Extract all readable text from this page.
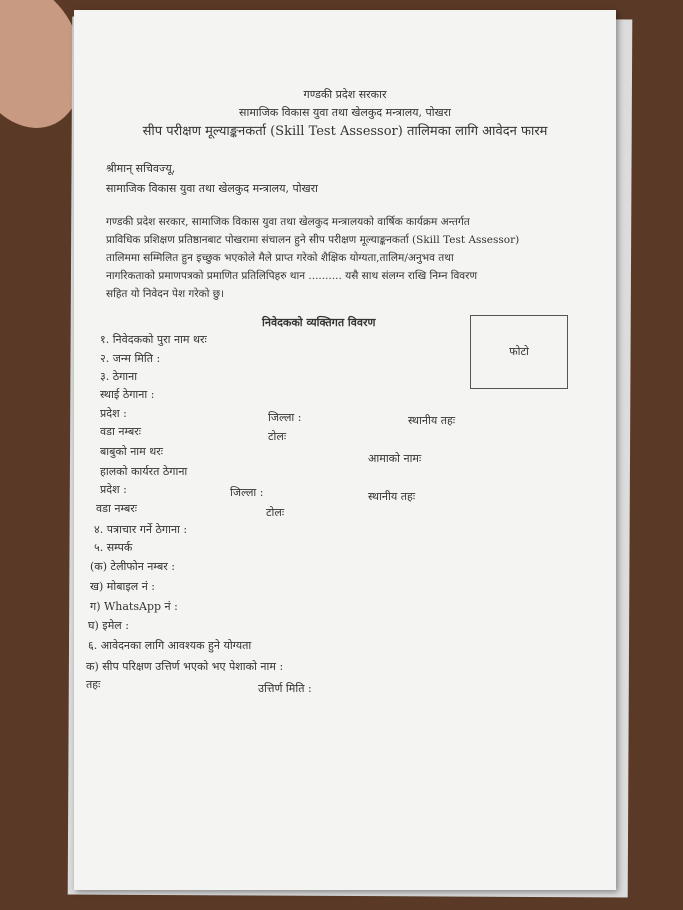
गण्डकी प्रदेश सरकार
सामाजिक विकास युवा तथा खेलकुद मन्त्रालय, पोखरा
सीप परीक्षण मूल्याङ्कनकर्ता (Skill Test Assessor) तालिमका लागि आवेदन फारम
श्रीमान् सचिवज्यू,
सामाजिक विकास युवा तथा खेलकुद मन्त्रालय, पोखरा
गण्डकी प्रदेश सरकार, सामाजिक विकास युवा तथा खेलकुद मन्त्रालयको वार्षिक कार्यक्रम अन्तर्गत
प्राविधिक प्रशिक्षण प्रतिष्ठानबाट पोखरामा संचालन हुने सीप परीक्षण मूल्याङ्कनकर्ता (Skill Test Assessor)
तालिममा सम्मिलित हुन इच्छुक भएकोले मैले प्राप्त गरेको शैक्षिक योग्यता,तालिम/अनुभव तथा
नागरिकताको प्रमाणपत्रको प्रमाणित प्रतिलिपिहरु थान .......... यसै साथ संलग्न राखि निम्न विवरण
सहित यो निवेदन पेश गरेको छु।
निवेदकको व्यक्तिगत विवरण
फोटो
१. निवेदकको पुरा नाम थरः
२. जन्म मिति :
३. ठेगाना
स्थाई ठेगाना :
प्रदेश :	जिल्ला :	स्थानीय तहः
वडा नम्बरः	टोलः
बाबुको नाम थरः
आमाको नामः
हालको कार्यरत ठेगाना
प्रदेश :	जिल्ला :	स्थानीय तहः
वडा नम्बरः	टोलः
४. पत्राचार गर्ने ठेगाना :
५. सम्पर्क
(क) टेलीफोन नम्बर :
ख) मोबाइल नं :
ग) WhatsApp नं :
घ) इमेल :
६. आवेदनका लागि आवश्यक हुने योग्यता
क) सीप परिक्षण उत्तिर्ण भएको भए पेशाको नाम :
तहः	उत्तिर्ण मिति :
